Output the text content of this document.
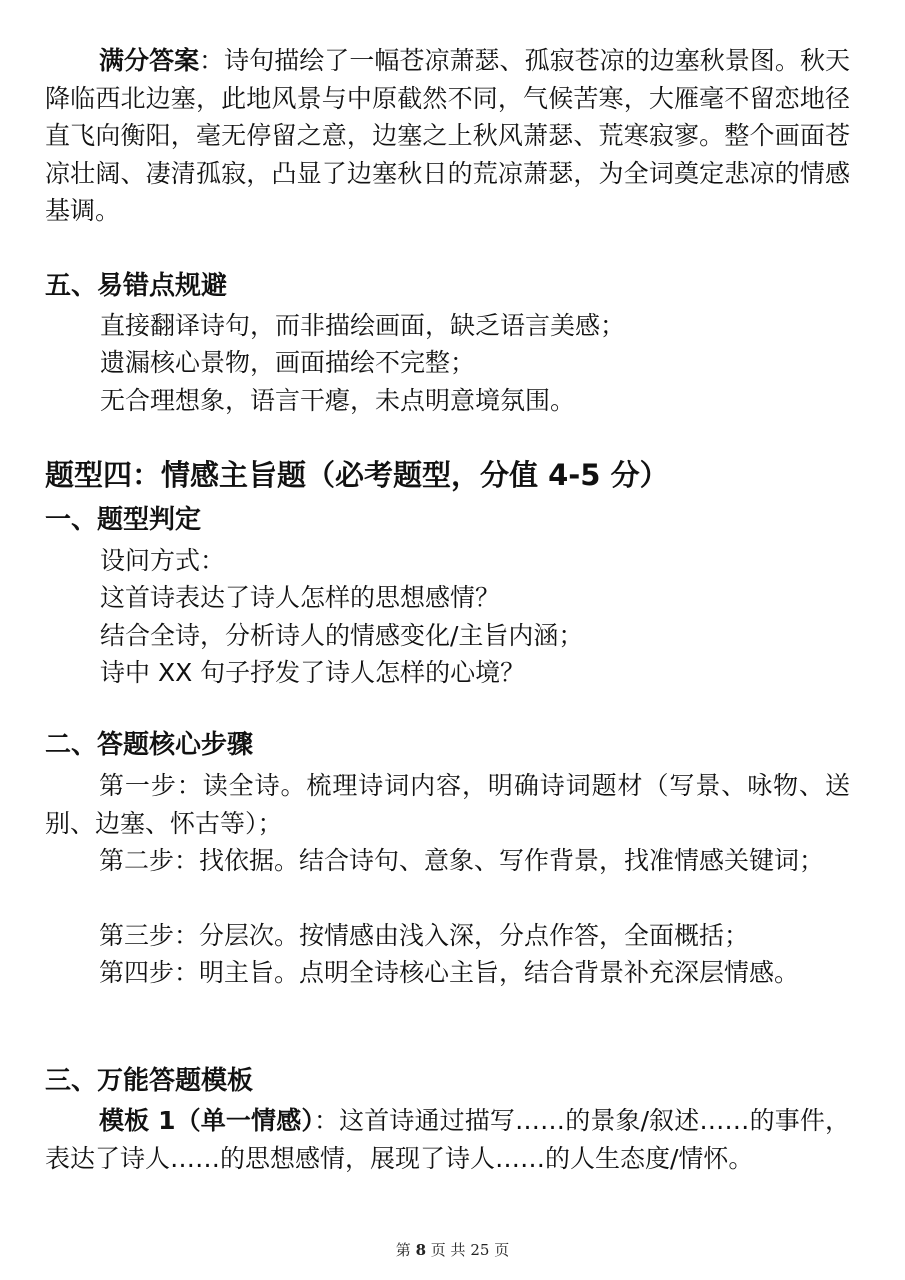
满分答案：诗句描绘了一幅苍凉萧瑟、孤寂苍凉的边塞秋景图。秋天降临西北边塞，此地风景与中原截然不同，气候苦寒，大雁毫不留恋地径直飞向衡阳，毫无停留之意，边塞之上秋风萧瑟、荒寒寂寥。整个画面苍凉壮阔、凄清孤寂，凸显了边塞秋日的荒凉萧瑟，为全词奠定悲凉的情感基调。

五、易错点规避

直接翻译诗句，而非描绘画面，缺乏语言美感；

遗漏核心景物，画面描绘不完整；

无合理想象，语言干瘪，未点明意境氛围。

题型四：情感主旨题（必考题型，分值 4-5 分）
一、题型判定

设问方式：

这首诗表达了诗人怎样的思想感情？

结合全诗，分析诗人的情感变化/主旨内涵；

诗中 XX 句子抒发了诗人怎样的心境？

二、答题核心步骤

第一步：读全诗。梳理诗词内容，明确诗词题材（写景、咏物、送别、边塞、怀古等）；

第二步：找依据。结合诗句、意象、写作背景，找准情感关键词；

第三步：分层次。按情感由浅入深，分点作答，全面概括；

第四步：明主旨。点明全诗核心主旨，结合背景补充深层情感。

三、万能答题模板

模板 1（单一情感）：这首诗通过描写……的景象/叙述……的事件，表达了诗人……的思想感情，展现了诗人……的人生态度/情怀。

第 8 页 共 25 页
